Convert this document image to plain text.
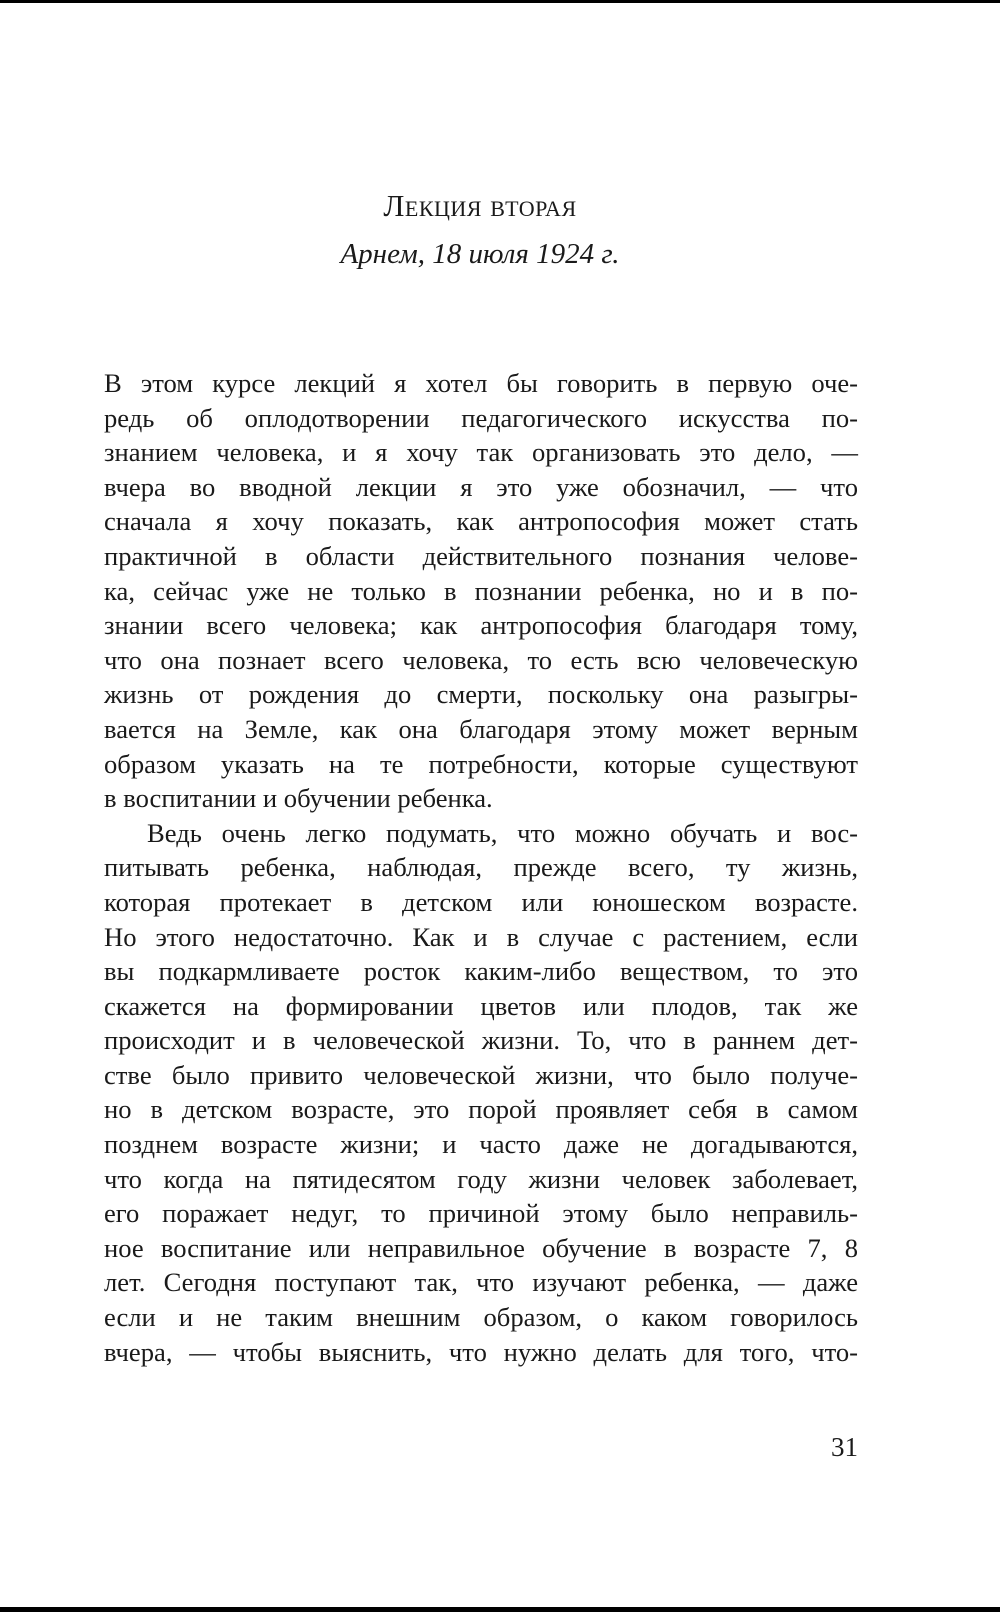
Лекция вторая
Арнем, 18 июля 1924 г.
В этом курсе лекций я хотел бы говорить в первую оче-
редь об оплодотворении педагогического искусства по-
знанием человека, и я хочу так организовать это дело, —
вчера во вводной лекции я это уже обозначил, — что
сначала я хочу показать, как антропософия может стать
практичной в области действительного познания челове-
ка, сейчас уже не только в познании ребенка, но и в по-
знании всего человека; как антропософия благодаря тому,
что она познает всего человека, то есть всю человеческую
жизнь от рождения до смерти, поскольку она разыгры-
вается на Земле, как она благодаря этому может верным
образом указать на те потребности, которые существуют
в воспитании и обучении ребенка.
Ведь очень легко подумать, что можно обучать и вос-
питывать ребенка, наблюдая, прежде всего, ту жизнь,
которая протекает в детском или юношеском возрасте.
Но этого недостаточно. Как и в случае с растением, если
вы подкармливаете росток каким-либо веществом, то это
скажется на формировании цветов или плодов, так же
происходит и в человеческой жизни. То, что в раннем дет-
стве было привито человеческой жизни, что было получе-
но в детском возрасте, это порой проявляет себя в самом
позднем возрасте жизни; и часто даже не догадываются,
что когда на пятидесятом году жизни человек заболевает,
его поражает недуг, то причиной этому было неправиль-
ное воспитание или неправильное обучение в возрасте 7, 8
лет. Сегодня поступают так, что изучают ребенка, — даже
если и не таким внешним образом, о каком говорилось
вчера, — чтобы выяснить, что нужно делать для того, что-
31
